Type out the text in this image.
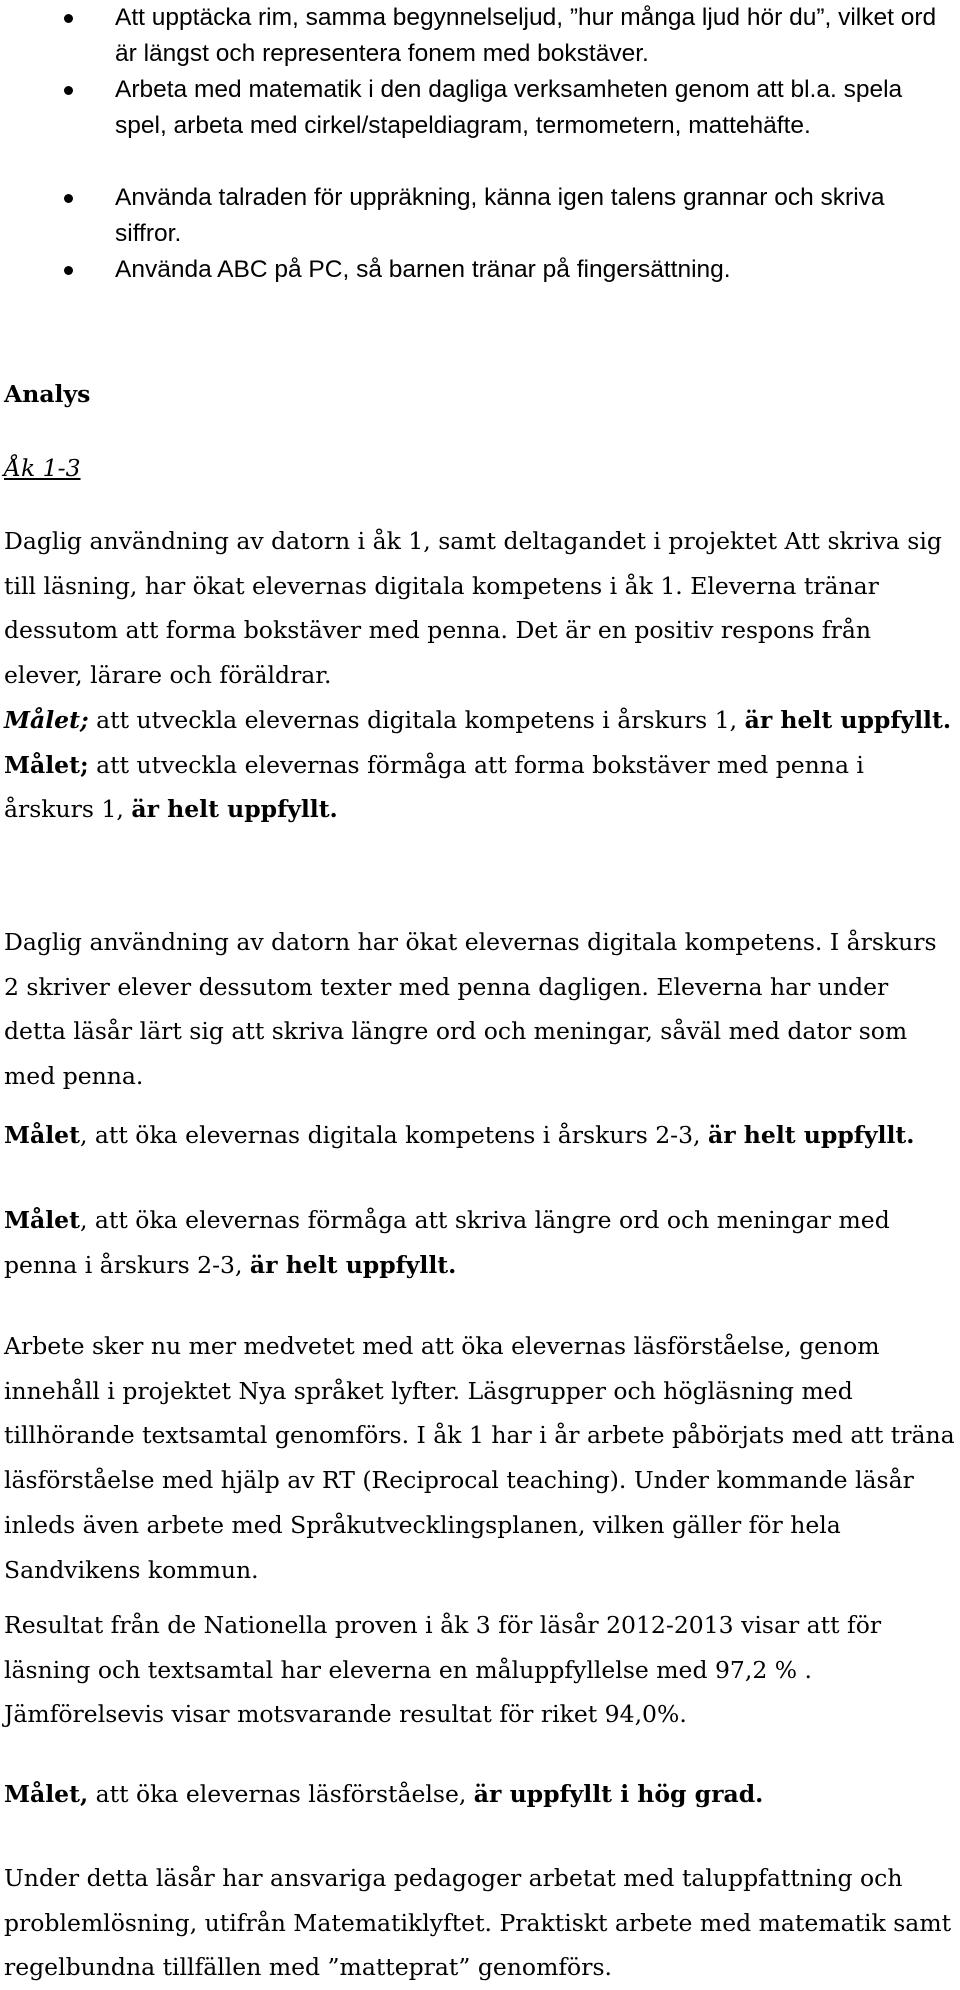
Att upptäcka rim, samma begynnelseljud, ”hur många ljud hör du”, vilket ord är längst och representera fonem med bokstäver.
Arbeta med matematik i den dagliga verksamheten genom att bl.a. spela spel, arbeta med cirkel/stapeldiagram, termometern, mattehäfte.
Använda talraden för uppräkning, känna igen talens grannar och skriva siffror.
Använda ABC på PC, så barnen tränar på fingersättning.
Analys
Åk 1-3
Daglig användning av datorn i åk 1, samt deltagandet i projektet Att skriva sig till läsning, har ökat elevernas digitala kompetens i åk 1. Eleverna tränar dessutom att forma bokstäver med penna. Det är en positiv respons från elever, lärare och föräldrar.
Målet; att utveckla elevernas digitala kompetens i årskurs 1, är helt uppfyllt.
Målet; att utveckla elevernas förmåga att forma bokstäver med penna i årskurs 1, är helt uppfyllt.
Daglig användning av datorn har ökat elevernas digitala kompetens. I årskurs 2 skriver elever dessutom texter med penna dagligen. Eleverna har under detta läsår lärt sig att skriva längre ord och meningar, såväl med dator som med penna.
Målet, att öka elevernas digitala kompetens i årskurs 2-3, är helt uppfyllt.
Målet, att öka elevernas förmåga att skriva längre ord och meningar med penna i årskurs 2-3, är helt uppfyllt.
Arbete sker nu mer medvetet med att öka elevernas läsförståelse, genom innehåll i projektet Nya språket lyfter. Läsgrupper och högläsning med tillhörande textsamtal genomförs. I åk 1 har i år arbete påbörjats med att träna läsförståelse med hjälp av RT (Reciprocal teaching). Under kommande läsår inleds även arbete med Språkutvecklingsplanen, vilken gäller för hela Sandvikens kommun.
Resultat från de Nationella proven i åk 3 för läsår 2012-2013 visar att för läsning och textsamtal har eleverna en måluppfyllelse med 97,2 % . Jämförelsevis visar motsvarande resultat för riket 94,0%.
Målet, att öka elevernas läsförståelse, är uppfyllt i hög grad.
Under detta läsår har ansvariga pedagoger arbetat med taluppfattning och problemlösning, utifrån Matematiklyftet. Praktiskt arbete med matematik samt regelbundna tillfällen med ”matteprat” genomförs.
